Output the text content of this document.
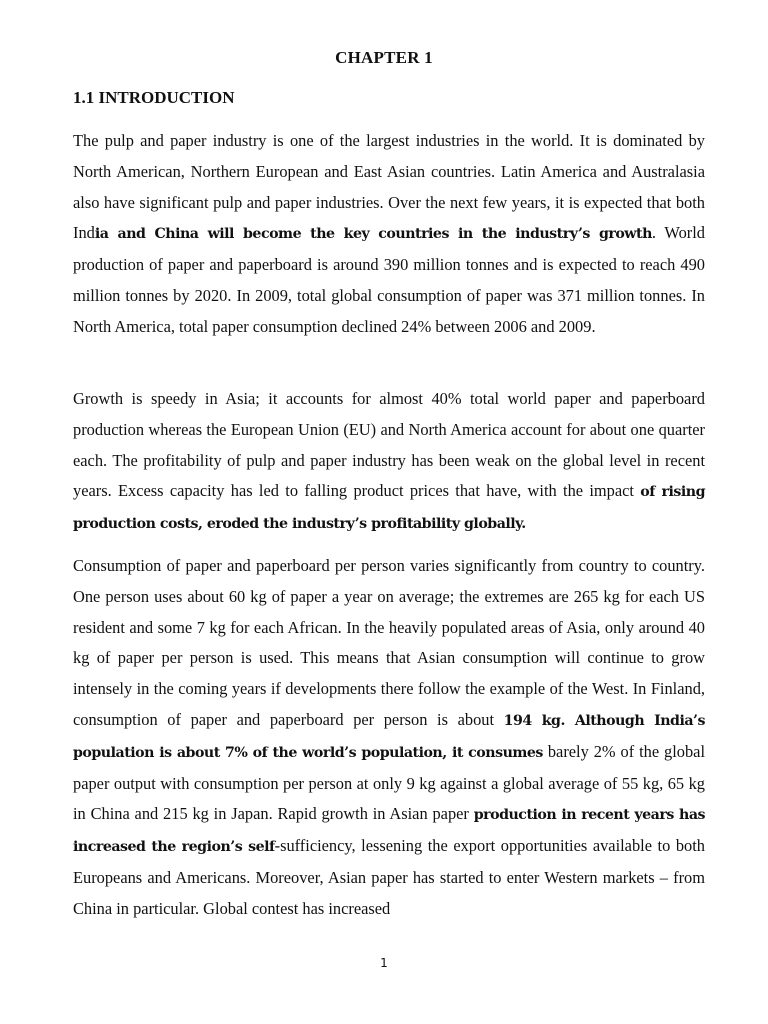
CHAPTER 1
1.1 INTRODUCTION

The pulp and paper industry is one of the largest industries in the world. It is dominated by North American, Northern European and East Asian countries. Latin America and Australasia also have significant pulp and paper industries. Over the next few years, it is expected that both India and China will become the key countries in the industry’s growth. World production of paper and paperboard is around 390 million tonnes and is expected to reach 490 million tonnes by 2020. In 2009, total global consumption of paper was 371 million tonnes. In North America, total paper consumption declined 24% between 2006 and 2009.

Growth is speedy in Asia; it accounts for almost 40% total world paper and paperboard production whereas the European Union (EU) and North America account for about one quarter each. The profitability of pulp and paper industry has been weak on the global level in recent years. Excess capacity has led to falling product prices that have, with the impact of rising production costs, eroded the industry’s profitability globally.

Consumption of paper and paperboard per person varies significantly from country to country. One person uses about 60 kg of paper a year on average; the extremes are 265 kg for each US resident and some 7 kg for each African. In the heavily populated areas of Asia, only around 40 kg of paper per person is used. This means that Asian consumption will continue to grow intensely in the coming years if developments there follow the example of the West. In Finland, consumption of paper and paperboard per person is about 194 kg. Although India’s population is about 7% of the world’s population, it consumes barely 2% of the global paper output with consumption per person at only 9 kg against a global average of 55 kg, 65 kg in China and 215 kg in Japan. Rapid growth in Asian paper production in recent years has increased the region’s self-sufficiency, lessening the export opportunities available to both Europeans and Americans. Moreover, Asian paper has started to enter Western markets – from China in particular. Global contest has increased

1
